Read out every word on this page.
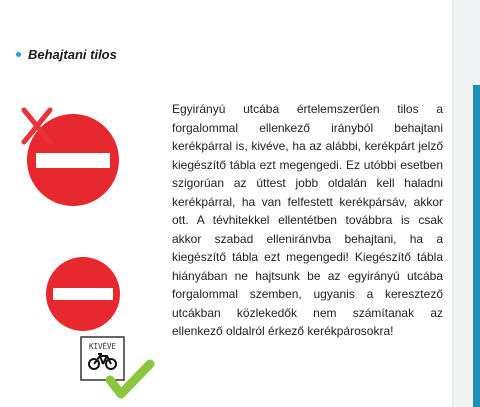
Behajtani tilos
KIVÉVE
Egyirányú utcába értelemszerűen tilos a forgalommal ellenkező irányból behajtani kerékpárral is, kivéve, ha az alábbi, kerékpárt jelző kiegészítő tábla ezt megengedi. Ez utóbbi esetben szigorúan az úttest jobb oldalán kell haladni kerékpárral, ha van felfestett kerékpársáv, akkor ott. A tévhitekkel ellentétben továbbra is csak akkor szabad elleniránvba behajtani, ha a kiegészítő tábla ezt megengedi! Kiegészítő tábla hiányában ne hajtsunk be az egyirányú utcába forgalommal szemben, ugyanis a keresztező utcákban közlekedők nem számítanak az ellenkező oldalról érkező kerékpárosokra!
